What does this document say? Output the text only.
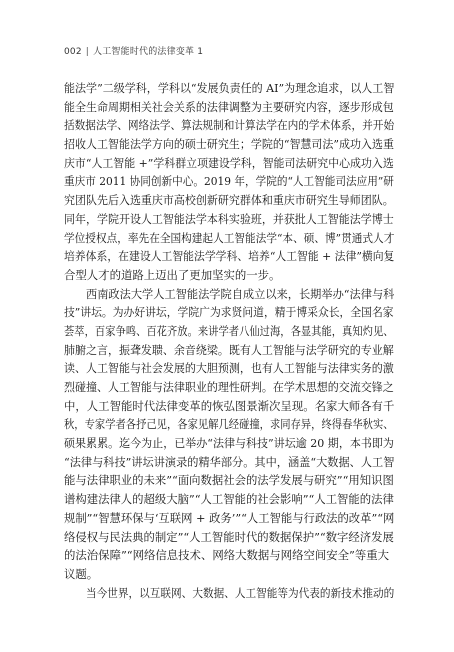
002 | 人工智能时代的法律变革 1
能法学”二级学科，学科以“发展负责任的 AI”为理念追求，以人工智
能全生命周期相关社会关系的法律调整为主要研究内容，逐步形成包
括数据法学、网络法学、算法规制和计算法学在内的学术体系，并开始
招收人工智能法学方向的硕士研究生；学院的“智慧司法”成功入选重
庆市“人工智能 +”学科群立项建设学科，智能司法研究中心成功入选
重庆市 2011 协同创新中心。2019 年，学院的“人工智能司法应用”研
究团队先后入选重庆市高校创新研究群体和重庆市研究生导师团队。
同年，学院开设人工智能法学本科实验班，并获批人工智能法学博士
学位授权点，率先在全国构建起人工智能法学“本、硕、博”贯通式人才
培养体系，在建设人工智能法学学科、培养“人工智能 + 法律”横向复
合型人才的道路上迈出了更加坚实的一步。
西南政法大学人工智能法学院自成立以来，长期举办“法律与科
技”讲坛。为办好讲坛，学院广为求贤问道，精于博采众长，全国名家
荟萃，百家争鸣、百花齐放。来讲学者八仙过海，各显其能，真知灼见、
肺腑之言，振聋发聩、余音绕梁。既有人工智能与法学研究的专业解
读、人工智能与社会发展的大胆预测，也有人工智能与法律实务的激
烈碰撞、人工智能与法律职业的理性研判。在学术思想的交流交锋之
中，人工智能时代法律变革的恢弘图景渐次呈现。名家大师各有千
秋，专家学者各抒己见，各家见解几经碰撞，求同存异，终得春华秋实、
硕果累累。迄今为止，已举办“法律与科技”讲坛逾 20 期，本书即为
“法律与科技”讲坛讲演录的精华部分。其中，涵盖“大数据、人工智
能与法律职业的未来”“面向数据社会的法学发展与研究”“用知识图
谱构建法律人的超级大脑”“人工智能的社会影响”“人工智能的法律
规制”“智慧环保与‘互联网 + 政务’”“人工智能与行政法的改革”“网
络侵权与民法典的制定”“人工智能时代的数据保护”“数字经济发展
的法治保障”“网络信息技术、网络大数据与网络空间安全”等重大
议题。
当今世界，以互联网、大数据、人工智能等为代表的新技术推动的
